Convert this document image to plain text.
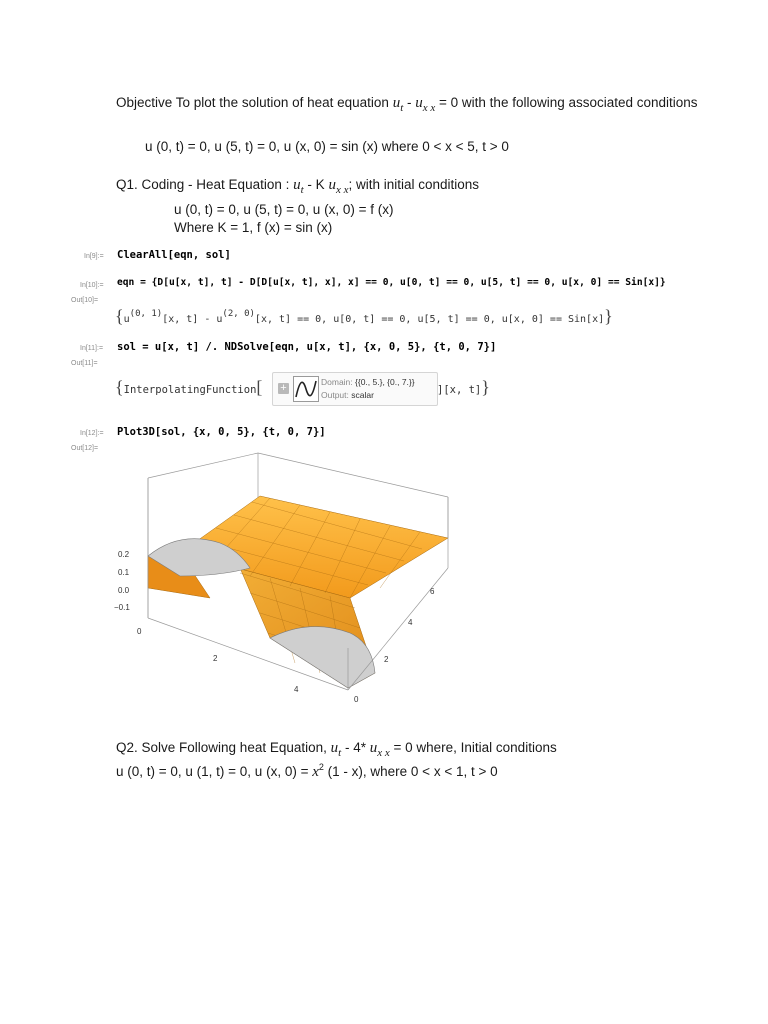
Objective To plot the solution of heat equation $u_t - u_{x x} = 0$ with the following associated conditions
u (0, t) = 0, u (5, t) = 0, u (x, 0) = sin (x) where 0 < x < 5, t > 0
Q1. Coding - Heat Equation : $u_t$ - K $u_{x x}$; with initial conditions
u (0, t) = 0, u (5, t) = 0, u (x, 0) = f (x)
Where K = 1, f (x) = sin (x)
In[9]:= ClearAll[eqn, sol]
In[10]:= eqn = {D[u[x, t], t] - D[D[u[x, t], x], x] == 0, u[0, t] == 0, u[5, t] == 0, u[x, 0] == Sin[x]}
Out[10]=
{u(0, 1)[x, t] - u(2, 0)[x, t] == 0, u[0, t] == 0, u[5, t] == 0, u[x, 0] == Sin[x]}
In[11]:= sol = u[x, t] /. NDSolve[eqn, u[x, t], {x, 0, 5}, {t, 0, 7}]
Out[11]=
{InterpolatingFunction[ +	Domain: {{0., 5.}, {0., 7.}}
Output: scalar	][x, t]}
In[12]:= Plot3D[sol, {x, 0, 5}, {t, 0, 7}]
Out[12]=
0.2
0.1
0.0
−0.1
0
2
4
0
2
4
6
Q2. Solve Following heat Equation, $u_t - 4*$ $u_{x x} = 0$ where, Initial conditions
u (0, t) = 0, u (1, t) = 0, u (x, $0) = x^2$ (1 - x), where 0 < x < 1, t > 0
